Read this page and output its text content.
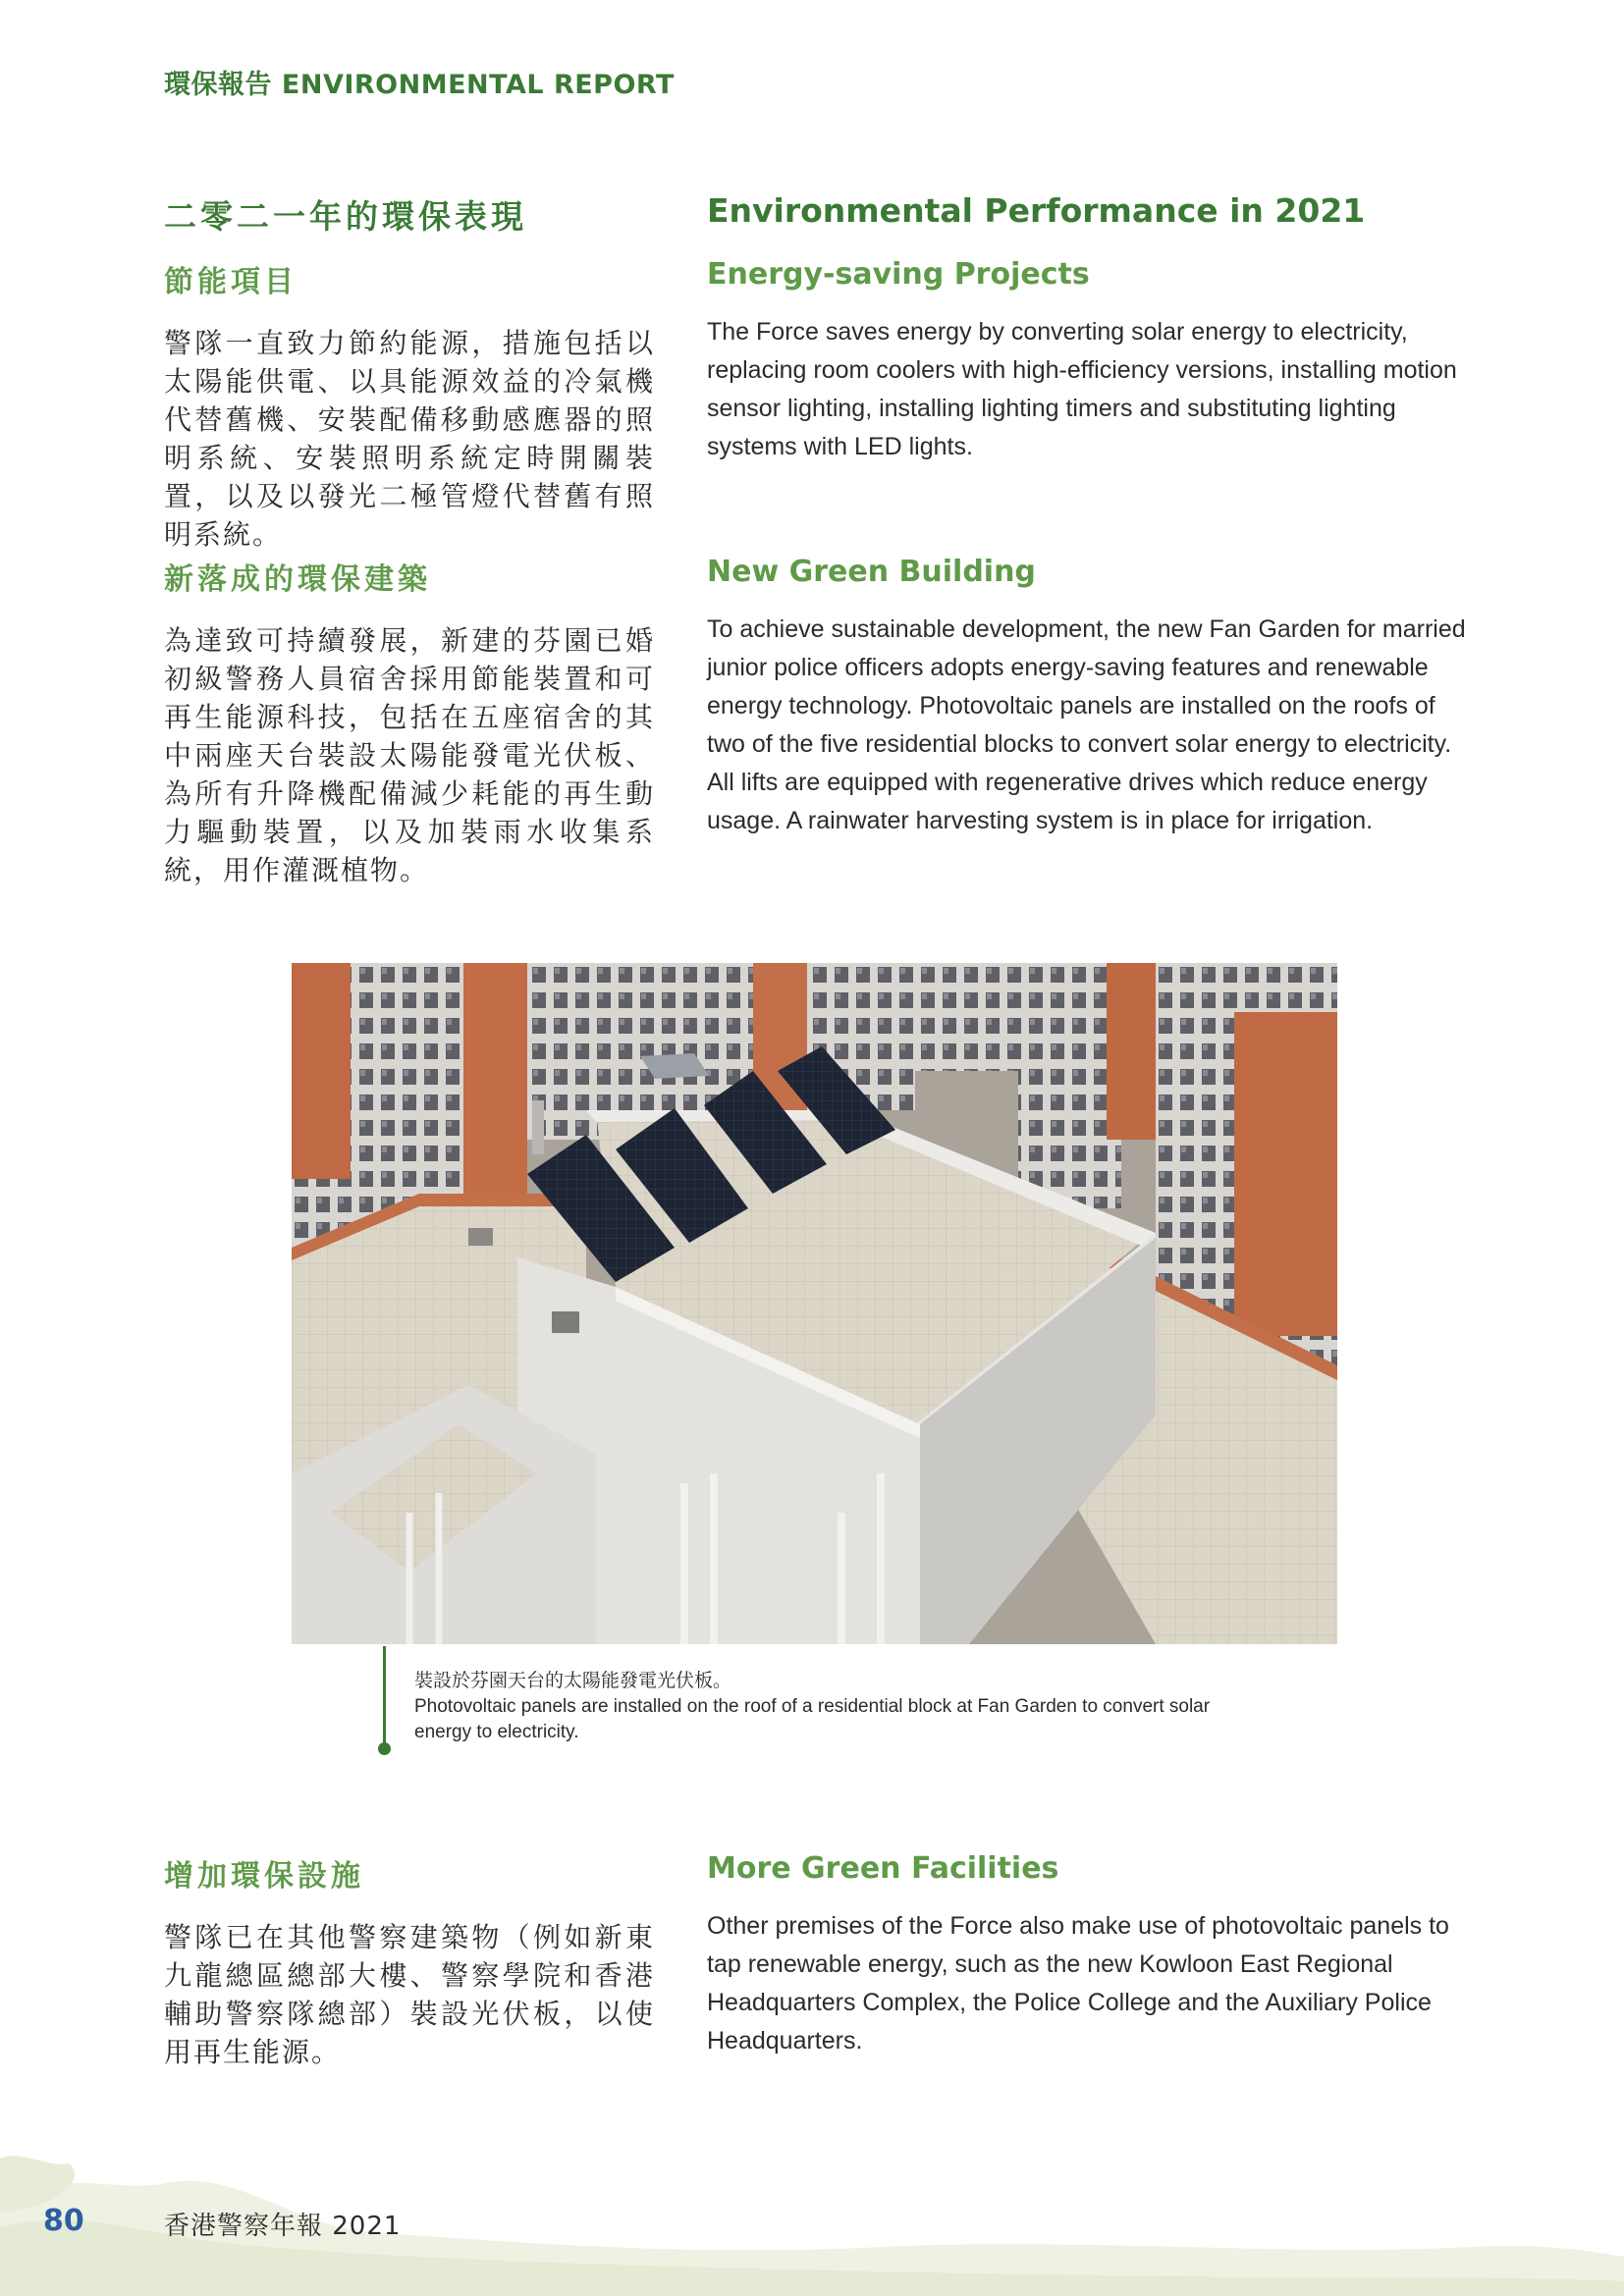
環保報告 ENVIRONMENTAL REPORT
二零二一年的環保表現
節能項目

警隊一直致力節約能源，措施包括以太陽能供電、以具能源效益的冷氣機代替舊機、安裝配備移動感應器的照明系統、安裝照明系統定時開關裝置，以及以發光二極管燈代替舊有照明系統。

新落成的環保建築

為達致可持續發展，新建的芬園已婚初級警務人員宿舍採用節能裝置和可再生能源科技，包括在五座宿舍的其中兩座天台裝設太陽能發電光伏板、為所有升降機配備減少耗能的再生動力驅動裝置，以及加裝雨水收集系統，用作灌溉植物。

增加環保設施

警隊已在其他警察建築物（例如新東九龍總區總部大樓、警察學院和香港輔助警察隊總部）裝設光伏板，以使用再生能源。

Environmental Performance in 2021
Energy-saving Projects

The Force saves energy by converting solar energy to electricity, replacing room coolers with high-efficiency versions, installing motion sensor lighting, installing lighting timers and substituting lighting systems with LED lights.

New Green Building

To achieve sustainable development, the new Fan Garden for married junior police officers adopts energy-saving features and renewable energy technology. Photovoltaic panels are installed on the roofs of two of the five residential blocks to convert solar energy to electricity. All lifts are equipped with regenerative drives which reduce energy usage. A rainwater harvesting system is in place for irrigation.

More Green Facilities

Other premises of the Force also make use of photovoltaic panels to tap renewable energy, such as the new Kowloon East Regional Headquarters Complex, the Police College and the Auxiliary Police Headquarters.

裝設於芬園天台的太陽能發電光伏板。
Photovoltaic panels are installed on the roof of a residential block at Fan Garden to convert solar
energy to electricity.
80	香港警察年報 2021
